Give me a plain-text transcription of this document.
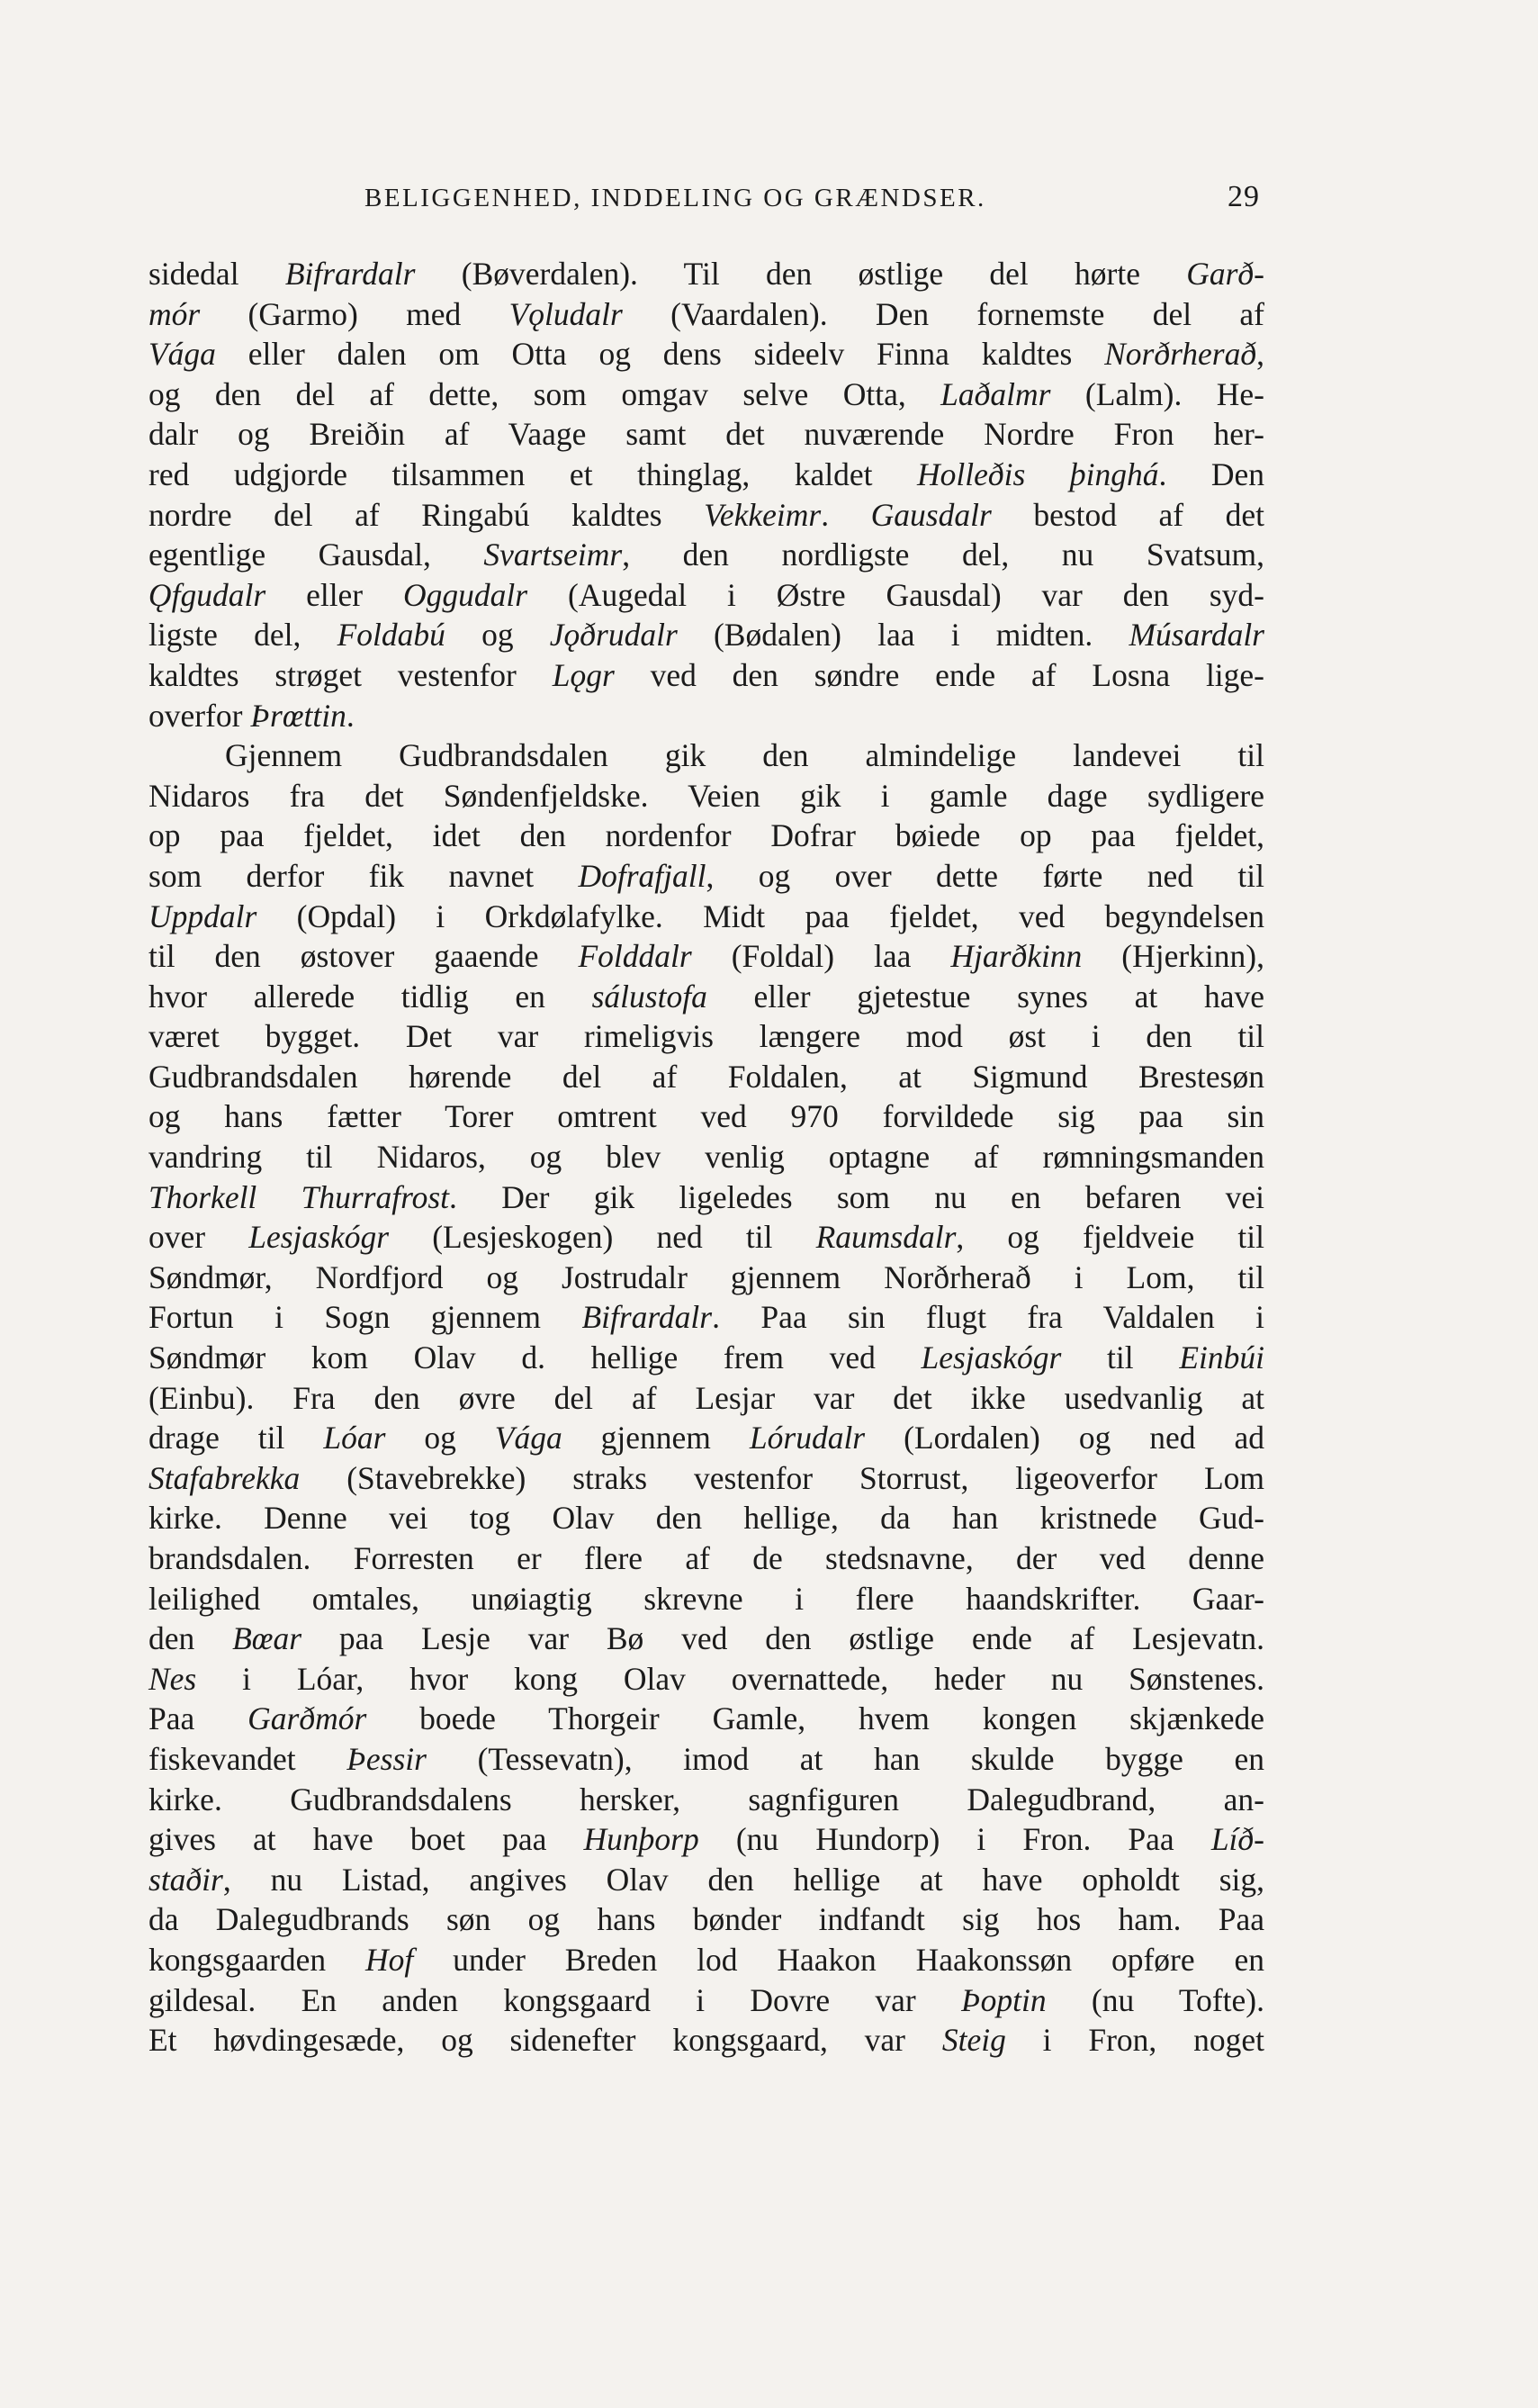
BELIGGENHED, INDDELING OG GRÆNDSER.	29
sidedal Bifrardalr (Bøverdalen). Til den østlige del hørte Garð-
mór (Garmo) med Vǫludalr (Vaardalen). Den fornemste del af
Vága eller dalen om Otta og dens sideelv Finna kaldtes Norðrherað,
og den del af dette, som omgav selve Otta, Laðalmr (Lalm). He-
dalr og Breiðin af Vaage samt det nuværende Nordre Fron her-
red udgjorde tilsammen et thinglag, kaldet Holleðis þinghá. Den
nordre del af Ringabú kaldtes Vekkeimr. Gausdalr bestod af det
egentlige Gausdal, Svartseimr, den nordligste del, nu Svatsum,
Ǫfgudalr eller Oggudalr (Augedal i Østre Gausdal) var den syd-
ligste del, Foldabú og Jǫðrudalr (Bødalen) laa i midten. Músardalr
kaldtes strøget vestenfor Lǫgr ved den søndre ende af Losna lige-
overfor Þrœttin.
Gjennem Gudbrandsdalen gik den almindelige landevei til
Nidaros fra det Søndenfjeldske. Veien gik i gamle dage sydligere
op paa fjeldet, idet den nordenfor Dofrar bøiede op paa fjeldet,
som derfor fik navnet Dofrafjall, og over dette førte ned til
Uppdalr (Opdal) i Orkdølafylke. Midt paa fjeldet, ved begyndelsen
til den østover gaaende Folddalr (Foldal) laa Hjarðkinn (Hjerkinn),
hvor allerede tidlig en sálustofa eller gjetestue synes at have
været bygget. Det var rimeligvis længere mod øst i den til
Gudbrandsdalen hørende del af Foldalen, at Sigmund Brestesøn
og hans fætter Torer omtrent ved 970 forvildede sig paa sin
vandring til Nidaros, og blev venlig optagne af rømningsmanden
Thorkell Thurrafrost. Der gik ligeledes som nu en befaren vei
over Lesjaskógr (Lesjeskogen) ned til Raumsdalr, og fjeldveie til
Søndmør, Nordfjord og Jostrudalr gjennem Norðrherað i Lom, til
Fortun i Sogn gjennem Bifrardalr. Paa sin flugt fra Valdalen i
Søndmør kom Olav d. hellige frem ved Lesjaskógr til Einbúi
(Einbu). Fra den øvre del af Lesjar var det ikke usedvanlig at
drage til Lóar og Vága gjennem Lórudalr (Lordalen) og ned ad
Stafabrekka (Stavebrekke) straks vestenfor Storrust, ligeoverfor Lom
kirke. Denne vei tog Olav den hellige, da han kristnede Gud-
brandsdalen. Forresten er flere af de stedsnavne, der ved denne
leilighed omtales, unøiagtig skrevne i flere haandskrifter. Gaar-
den Bœar paa Lesje var Bø ved den østlige ende af Lesjevatn.
Nes i Lóar, hvor kong Olav overnattede, heder nu Sønstenes.
Paa Garðmór boede Thorgeir Gamle, hvem kongen skjænkede
fiskevandet Þessir (Tessevatn), imod at han skulde bygge en
kirke. Gudbrandsdalens hersker, sagnfiguren Dalegudbrand, an-
gives at have boet paa Hunþorp (nu Hundorp) i Fron. Paa Líð-
staðir, nu Listad, angives Olav den hellige at have opholdt sig,
da Dalegudbrands søn og hans bønder indfandt sig hos ham. Paa
kongsgaarden Hof under Breden lod Haakon Haakonssøn opføre en
gildesal. En anden kongsgaard i Dovre var Þoptin (nu Tofte).
Et høvdingesæde, og sidenefter kongsgaard, var Steig i Fron, noget
